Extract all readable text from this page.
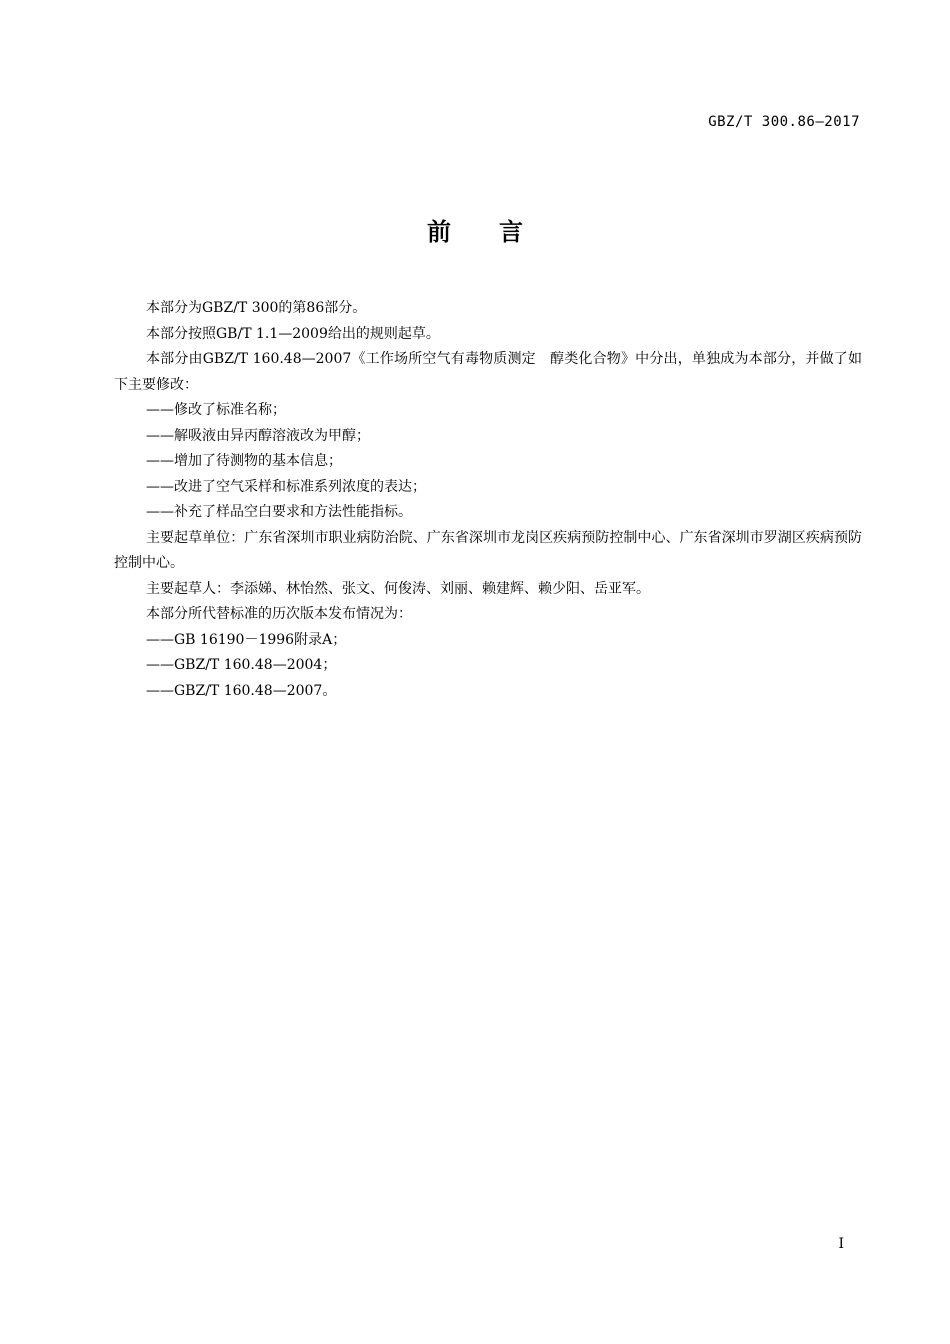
GBZ/T 300.86—2017
前言

本部分为GBZ/T 300的第86部分。

本部分按照GB/T 1.1—2009给出的规则起草。

本部分由GBZ/T 160.48—2007《工作场所空气有毒物质测定　醇类化合物》中分出，单独成为本部分，并做了如下主要修改：

——修改了标准名称；

——解吸液由异丙醇溶液改为甲醇；

——增加了待测物的基本信息；

——改进了空气采样和标准系列浓度的表达；

——补充了样品空白要求和方法性能指标。

主要起草单位：广东省深圳市职业病防治院、广东省深圳市龙岗区疾病预防控制中心、广东省深圳市罗湖区疾病预防控制中心。

主要起草人：李添娣、林怡然、张文、何俊涛、刘丽、赖建辉、赖少阳、岳亚军。

本部分所代替标准的历次版本发布情况为：

——GB 16190－1996附录A；

——GBZ/T 160.48—2004；

——GBZ/T 160.48—2007。

I
